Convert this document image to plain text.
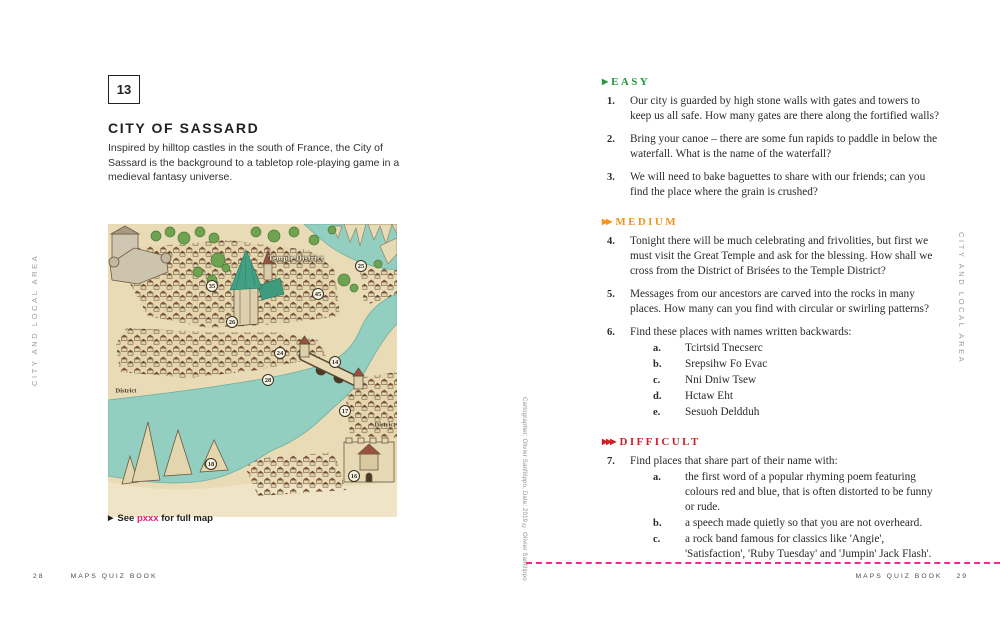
CITY AND LOCAL AREA	CITY AND LOCAL AREA
13
CITY OF SASSARD
Inspired by hilltop castles in the south of France, the City of Sassard is the background to a tabletop role-playing game in a medieval fantasy universe.
35
45
25
26
24
14
28
17
18
16
Temple District
District
District
▶ See pxxx for full map
28	MAPS QUIZ BOOK	Cartographer: Olivier Sanfilippo, Date: 2019 © Olivier Sanfilippo
▶ EASY
1. Our city is guarded by high stone walls with gates and towers to keep us all safe. How many gates are there along the fortified walls?
2. Bring your canoe – there are some fun rapids to paddle in below the waterfall. What is the name of the waterfall?
3. We will need to bake baguettes to share with our friends; can you find the place where the grain is crushed?
▶▶ MEDIUM
4. Tonight there will be much celebrating and frivolities, but first we must visit the Great Temple and ask for the blessing. How shall we cross from the District of Brisées to the Temple District?
5. Messages from our ancestors are carved into the rocks in many places. How many can you find with circular or swirling patterns?
6. Find these places with names written backwards:
a. Tcirtsid Tnecserc
b. Srepsihw Fo Evac
c. Nni Dniw Tsew
d. Hctaw Eht
e. Sesuoh Deldduh
▶▶▶ DIFFICULT
7. Find places that share part of their name with:
a. the first word of a popular rhyming poem featuring colours red and blue, that is often distorted to be funny or rude.
b. a speech made quietly so that you are not overheard.
c. a rock band famous for classics like 'Angie', 'Satisfaction', 'Ruby Tuesday' and 'Jumpin' Jack Flash'.
MAPS QUIZ BOOK 29
